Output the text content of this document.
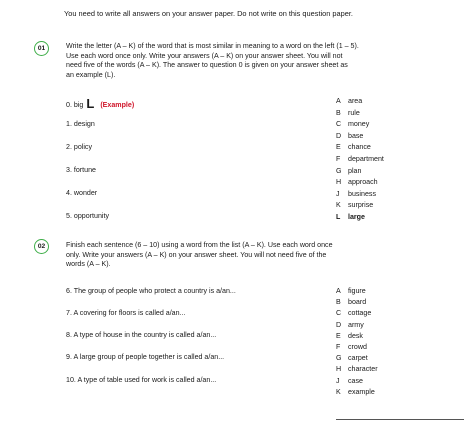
You need to write all answers on your answer paper. Do not write on this question paper.
01	Write the letter (A – K) of the word that is most similar in meaning to a word on the left (1 – 5).
Use each word once only. Write your answers (A – K) on your answer sheet. You will not
need five of the words (A – K). The answer to question 0 is given on your answer sheet as
an example (L).
0. big L (Example)
1. design
2. policy
3. fortune
4. wonder
5. opportunity
A area
B rule
C money
D base
E chance
F department
G plan
H approach
J business
K surprise
L large
02	Finish each sentence (6 – 10) using a word from the list (A – K). Use each word once
only. Write your answers (A – K) on your answer sheet. You will not need five of the
words (A – K).
6. The group of people who protect a country is a/an...
7. A covering for floors is called a/an...
8. A type of house in the country is called a/an...
9. A large group of people together is called a/an...
10. A type of table used for work is called a/an...
A figure
B board
C cottage
D army
E desk
F crowd
G carpet
H character
J case
K example
